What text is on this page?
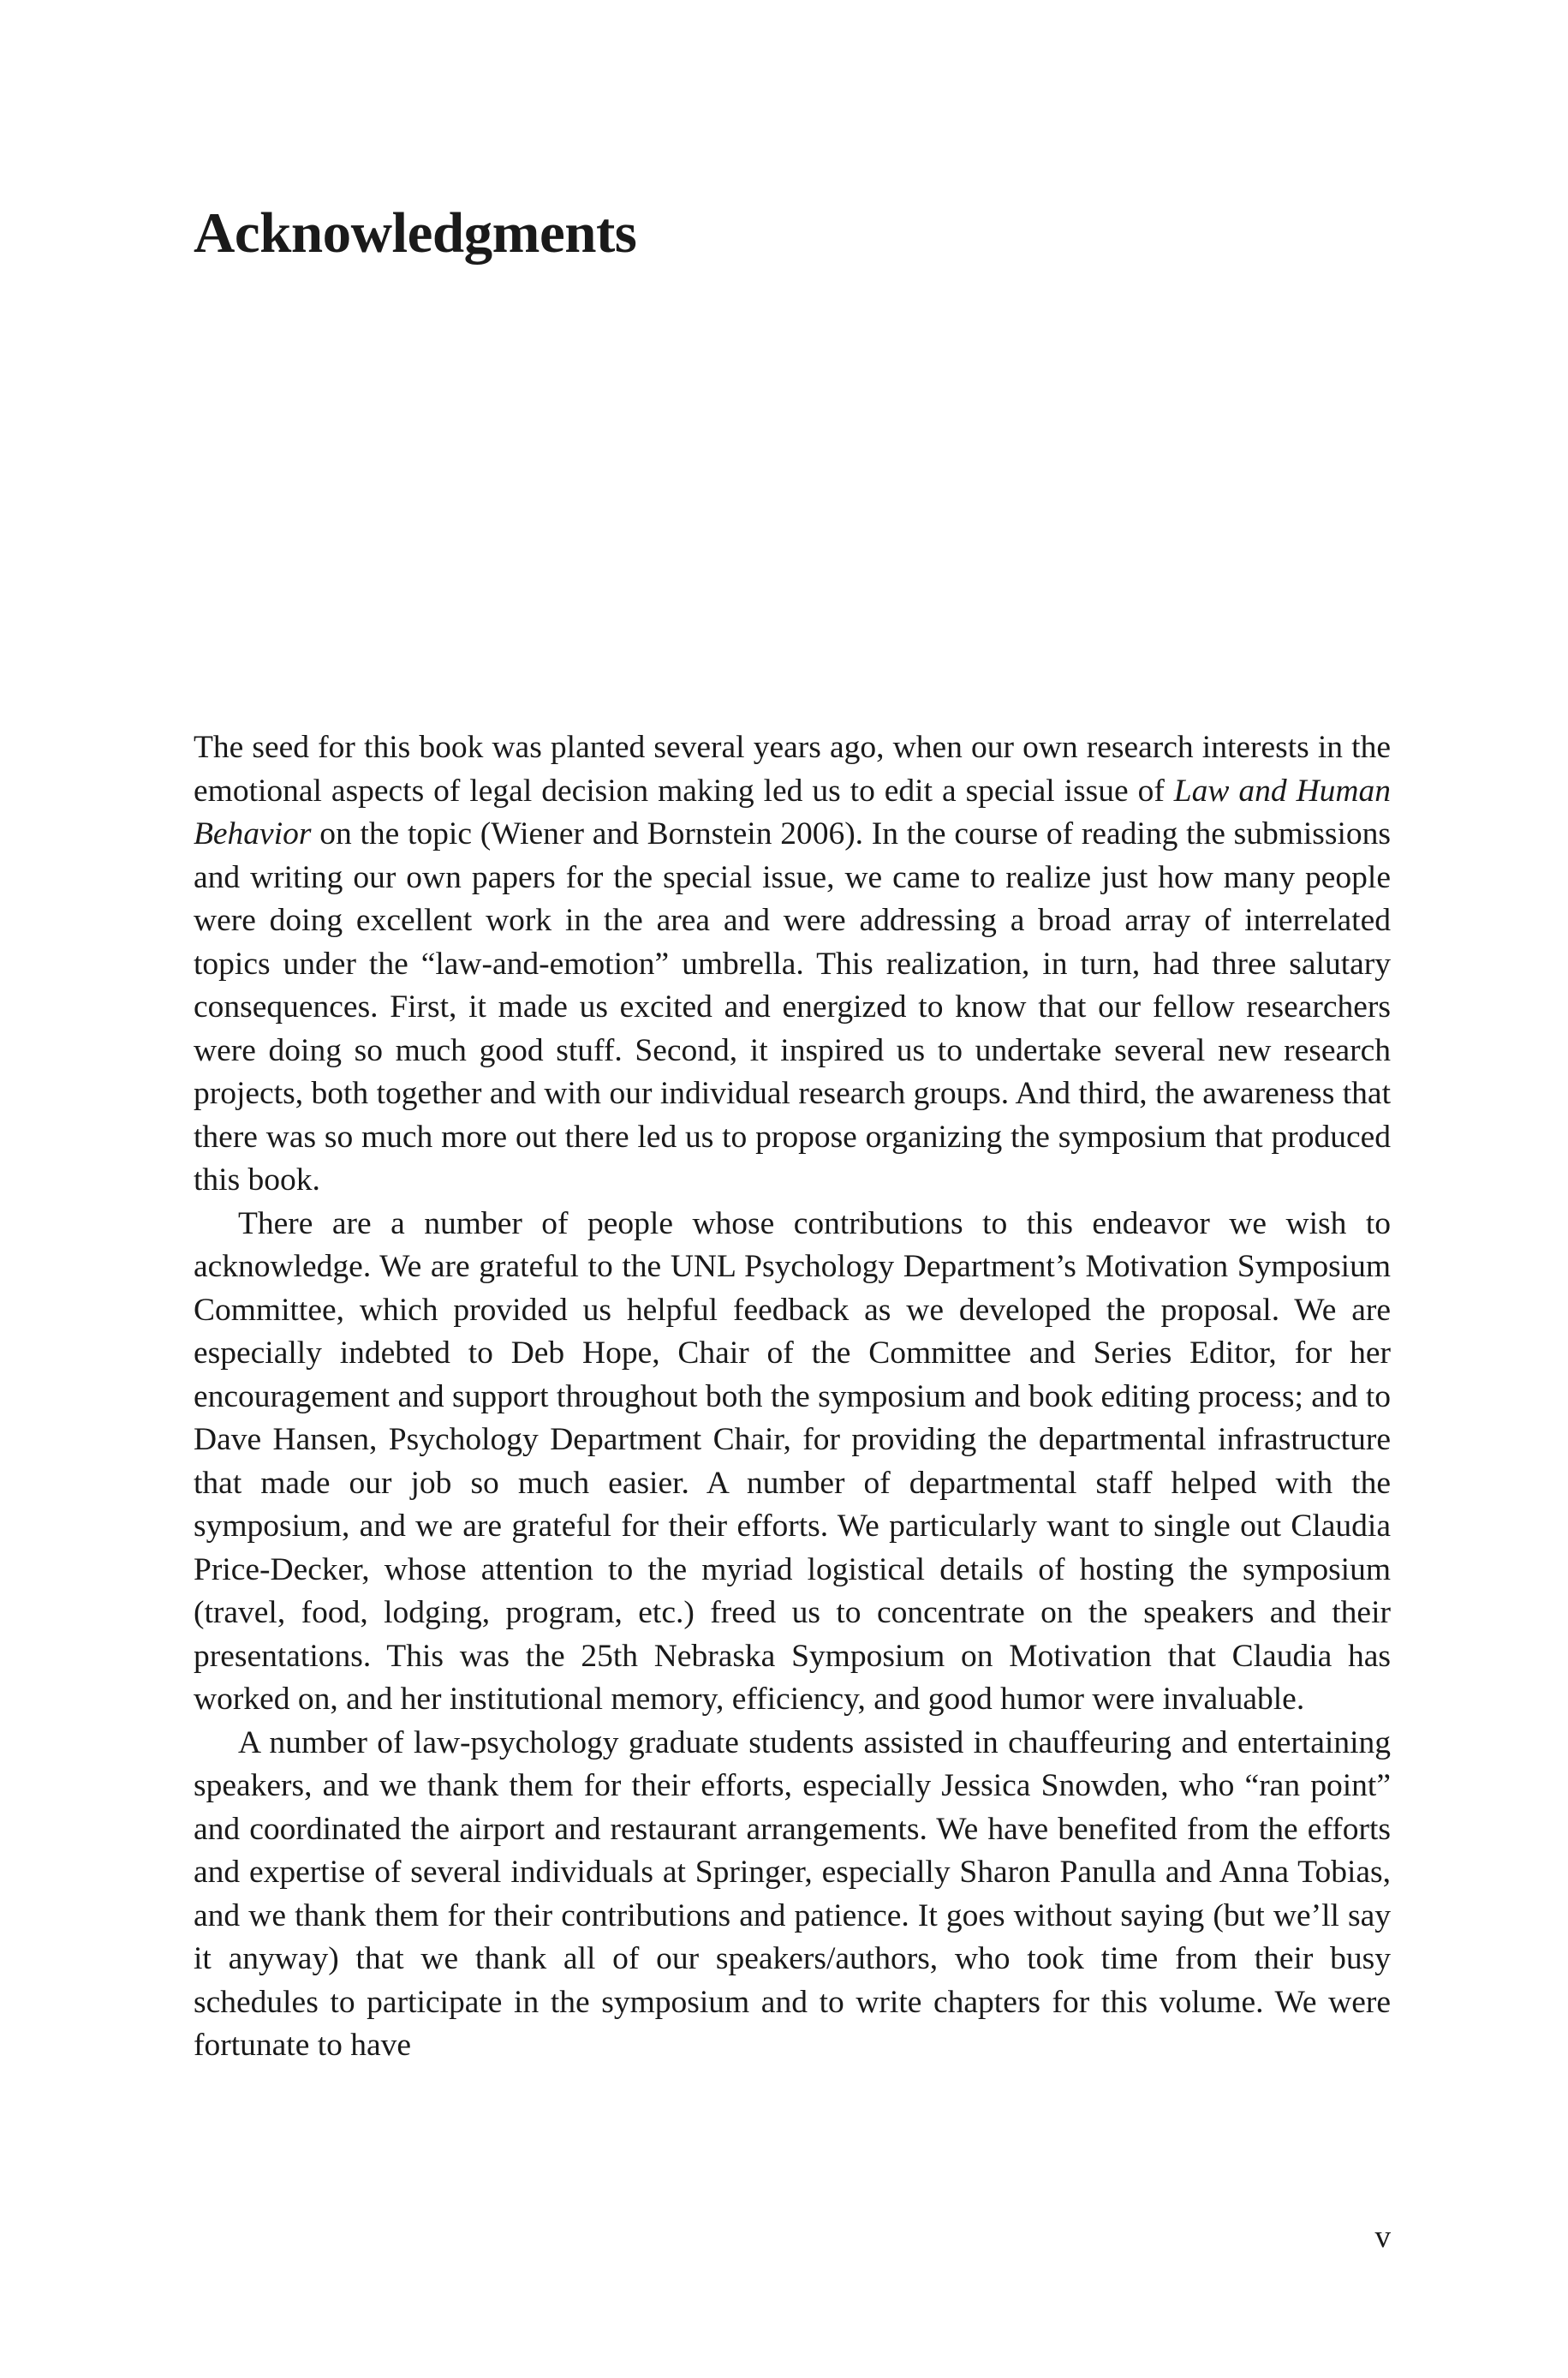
Acknowledgments

The seed for this book was planted several years ago, when our own research interests in the emotional aspects of legal decision making led us to edit a special issue of Law and Human Behavior on the topic (Wiener and Bornstein 2006). In the course of reading the submissions and writing our own papers for the special issue, we came to realize just how many people were doing excellent work in the area and were addressing a broad array of interrelated topics under the “law-and-emotion” umbrella. This realization, in turn, had three salutary consequences. First, it made us excited and energized to know that our fellow researchers were doing so much good stuff. Second, it inspired us to undertake several new research projects, both together and with our individual research groups. And third, the awareness that there was so much more out there led us to propose organizing the symposium that produced this book.

There are a number of people whose contributions to this endeavor we wish to acknowledge. We are grateful to the UNL Psychology Department’s Motivation Symposium Committee, which provided us helpful feedback as we developed the proposal. We are especially indebted to Deb Hope, Chair of the Committee and Series Editor, for her encouragement and support throughout both the symposium and book editing process; and to Dave Hansen, Psychology Department Chair, for providing the departmental infrastructure that made our job so much easier. A number of departmental staff helped with the symposium, and we are grateful for their efforts. We particularly want to single out Claudia Price-Decker, whose attention to the myriad logistical details of hosting the symposium (travel, food, lodging, program, etc.) freed us to concentrate on the speakers and their presentations. This was the 25th Nebraska Symposium on Motivation that Claudia has worked on, and her institutional memory, efficiency, and good humor were invaluable.

A number of law-psychology graduate students assisted in chauffeuring and entertaining speakers, and we thank them for their efforts, especially Jessica Snowden, who “ran point” and coordinated the airport and restaurant arrangements. We have benefited from the efforts and expertise of several individuals at Springer, especially Sharon Panulla and Anna Tobias, and we thank them for their contributions and patience. It goes without saying (but we’ll say it anyway) that we thank all of our speakers/authors, who took time from their busy schedules to participate in the symposium and to write chapters for this volume. We were fortunate to have

v
